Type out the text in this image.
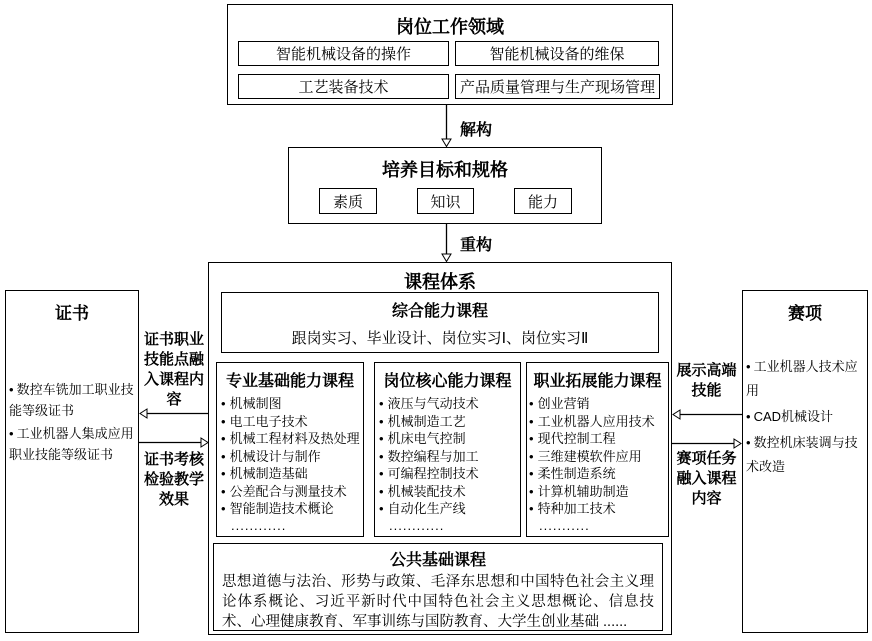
岗位工作领域
智能机械设备的操作	智能机械设备的维保
工艺装备技术	产品质量管理与生产现场管理
解构
培养目标和规格
素质	知识	能力
重构
课程体系
综合能力课程
跟岗实习、毕业设计、岗位实习Ⅰ、岗位实习Ⅱ
专业基础能力课程
• 机械制图
• 电工电子技术
• 机械工程材料及热处理
• 机械设计与制作
• 机械制造基础
• 公差配合与测量技术
• 智能制造技术概论
............
岗位核心能力课程
• 液压与气动技术
• 机械制造工艺
• 机床电气控制
• 数控编程与加工
• 可编程控制技术
• 机械装配技术
• 自动化生产线
............
职业拓展能力课程
• 创业营销
• 工业机器人应用技术
• 现代控制工程
• 三维建模软件应用
• 柔性制造系统
• 计算机辅助制造
• 特种加工技术
...........
公共基础课程
思想道德与法治、形势与政策、毛泽东思想和中国特色社会主义理论体系概论、习近平新时代中国特色社会主义思想概论、信息技术、心理健康教育、军事训练与国防教育、大学生创业基础 ......
证书
• 数控车铣加工职业技能等级证书
• 工业机器人集成应用职业技能等级证书
证书职业技能点融入课程内容
证书考核检验教学效果
赛项
• 工业机器人技术应用
• CAD机械设计
• 数控机床装调与技术改造
展示高端技能
赛项任务融入课程内容
